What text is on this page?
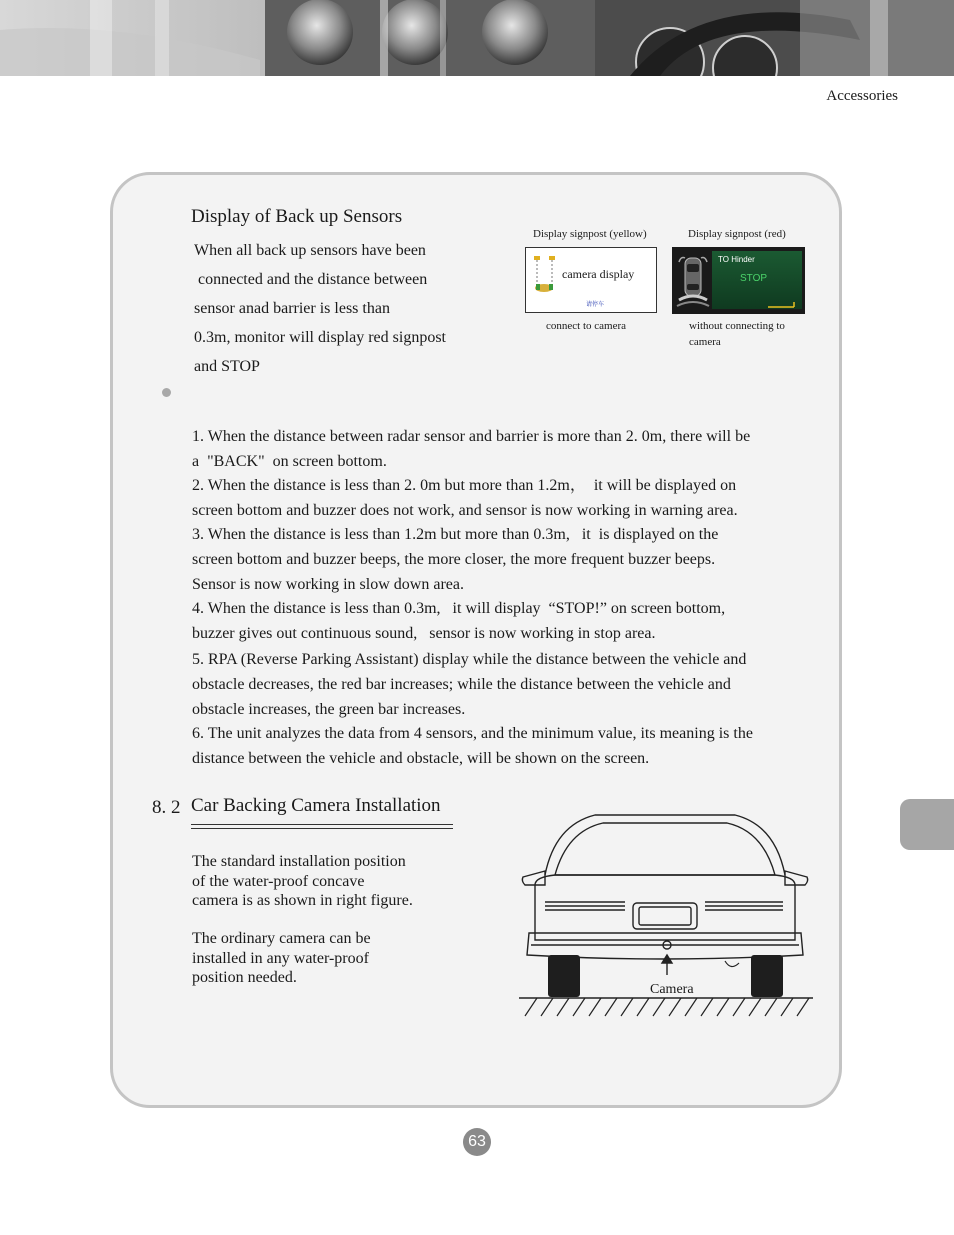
Accessories
Display of Back up Sensors
When all back up sensors have been
connected and the distance between
sensor anad barrier is less than
0.3m, monitor will display red signpost
and STOP
Display signpost (yellow)
camera display
请停车
connect to camera
Display signpost (red)
TO Hinder
STOP
without connecting to
camera

1. When the distance between radar sensor and barrier is more than 2. 0m, there will be

a  "BACK"  on screen bottom.

2. When the distance is less than 2. 0m but more than 1.2m，  it will be displayed on

screen bottom and buzzer does not work, and sensor is now working in warning area.

3. When the distance is less than 1.2m but more than 0.3m,   it  is displayed on the

screen bottom and buzzer beeps, the more closer, the more frequent buzzer beeps.

Sensor is now working in slow down area.

4. When the distance is less than 0.3m,   it will display  “STOP!” on screen bottom,

buzzer gives out continuous sound,   sensor is now working in stop area.

5. RPA (Reverse Parking Assistant) display while the distance between the vehicle and

obstacle decreases, the red bar increases; while the distance between the vehicle and

obstacle increases, the green bar increases.

6. The unit analyzes the data from 4 sensors, and the minimum value, its meaning is the

distance between the vehicle and obstacle, will be shown on the screen.

8. 2 Car Backing Camera Installation
The standard installation position
of the water-proof concave
camera is as shown in right figure.
The ordinary camera can be
installed in any water-proof
position needed.
Camera
63
